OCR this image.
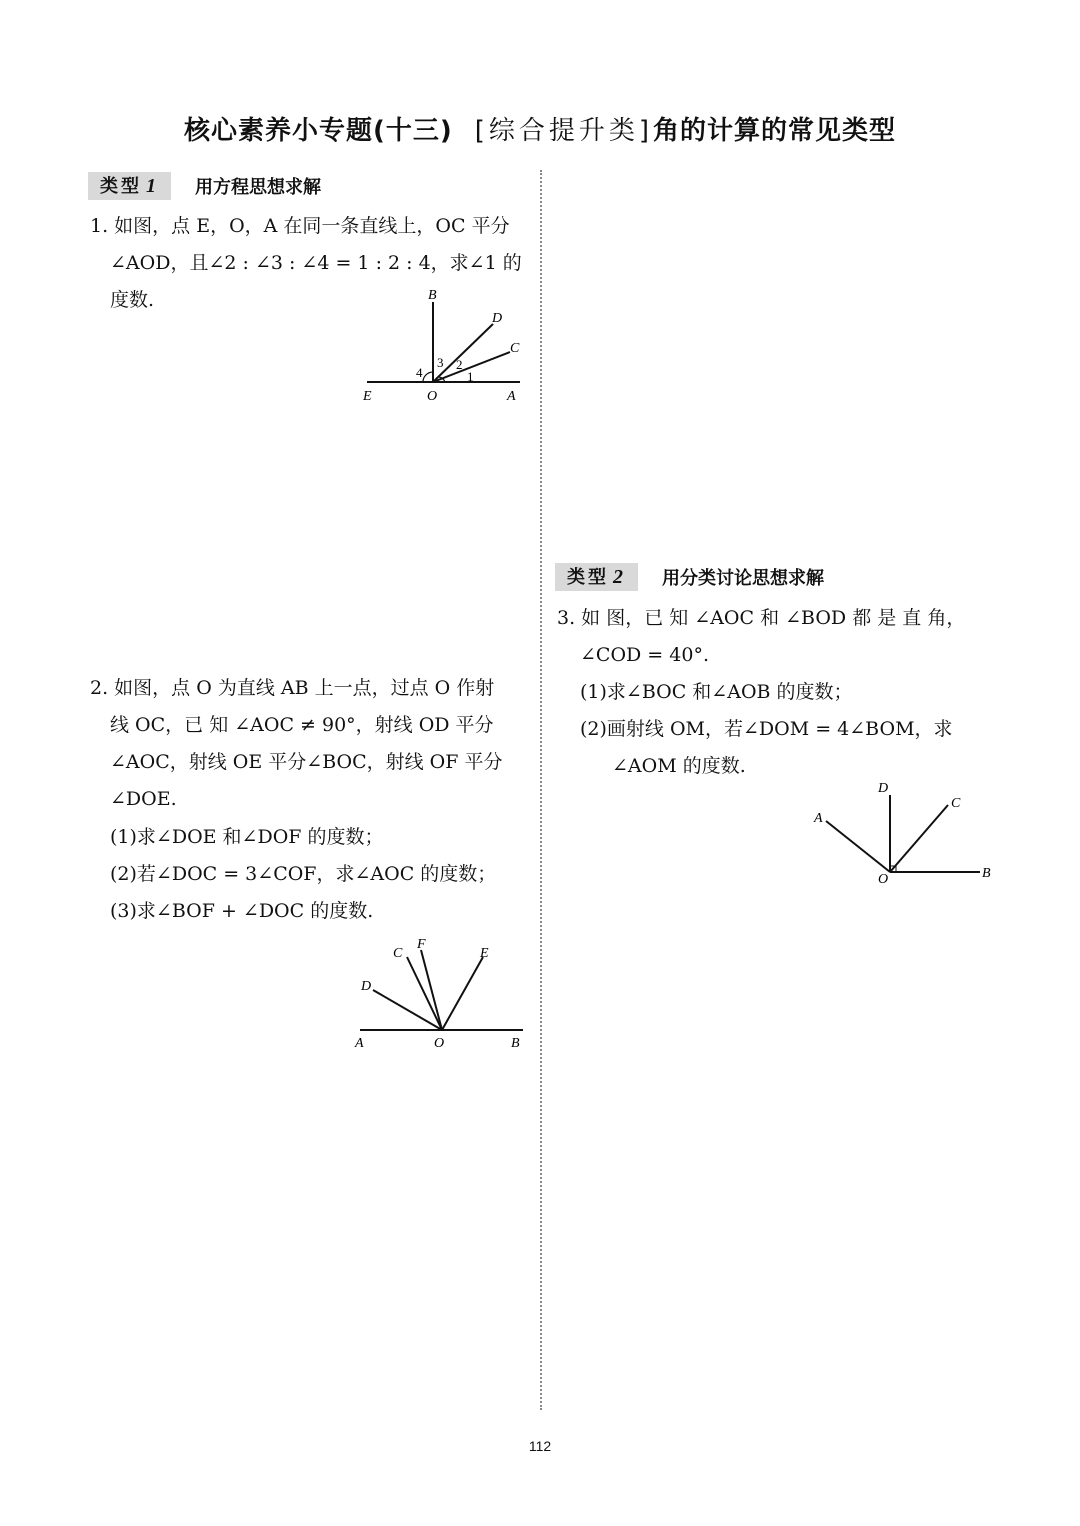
核心素养小专题(十三) [综合提升类]角的计算的常见类型
类型 1	用方程思想求解
1. 如图，点 E，O，A 在同一条直线上，OC 平分
∠AOD，且∠2 : ∠3 : ∠4 = 1 : 2 : 4，求∠1 的
度数.	B
D
C
E	O	A
1
2
3
4
2. 如图，点 O 为直线 AB 上一点，过点 O 作射
线 OC，已 知 ∠AOC ≠ 90°，射线 OD 平分
∠AOC，射线 OE 平分∠BOC，射线 OF 平分
∠DOE.
(1)求∠DOE 和∠DOF 的度数；
(2)若∠DOC = 3∠COF，求∠AOC 的度数；
(3)求∠BOF + ∠DOC 的度数.
C
F
E
D
A	O	B
类型 2	用分类讨论思想求解
3. 如 图，已 知 ∠AOC 和 ∠BOD 都 是 直 角，
∠COD = 40°.
(1)求∠BOC 和∠AOB 的度数；
(2)画射线 OM，若∠DOM = 4∠BOM，求
∠AOM 的度数.
D
C
A
O	B
112
